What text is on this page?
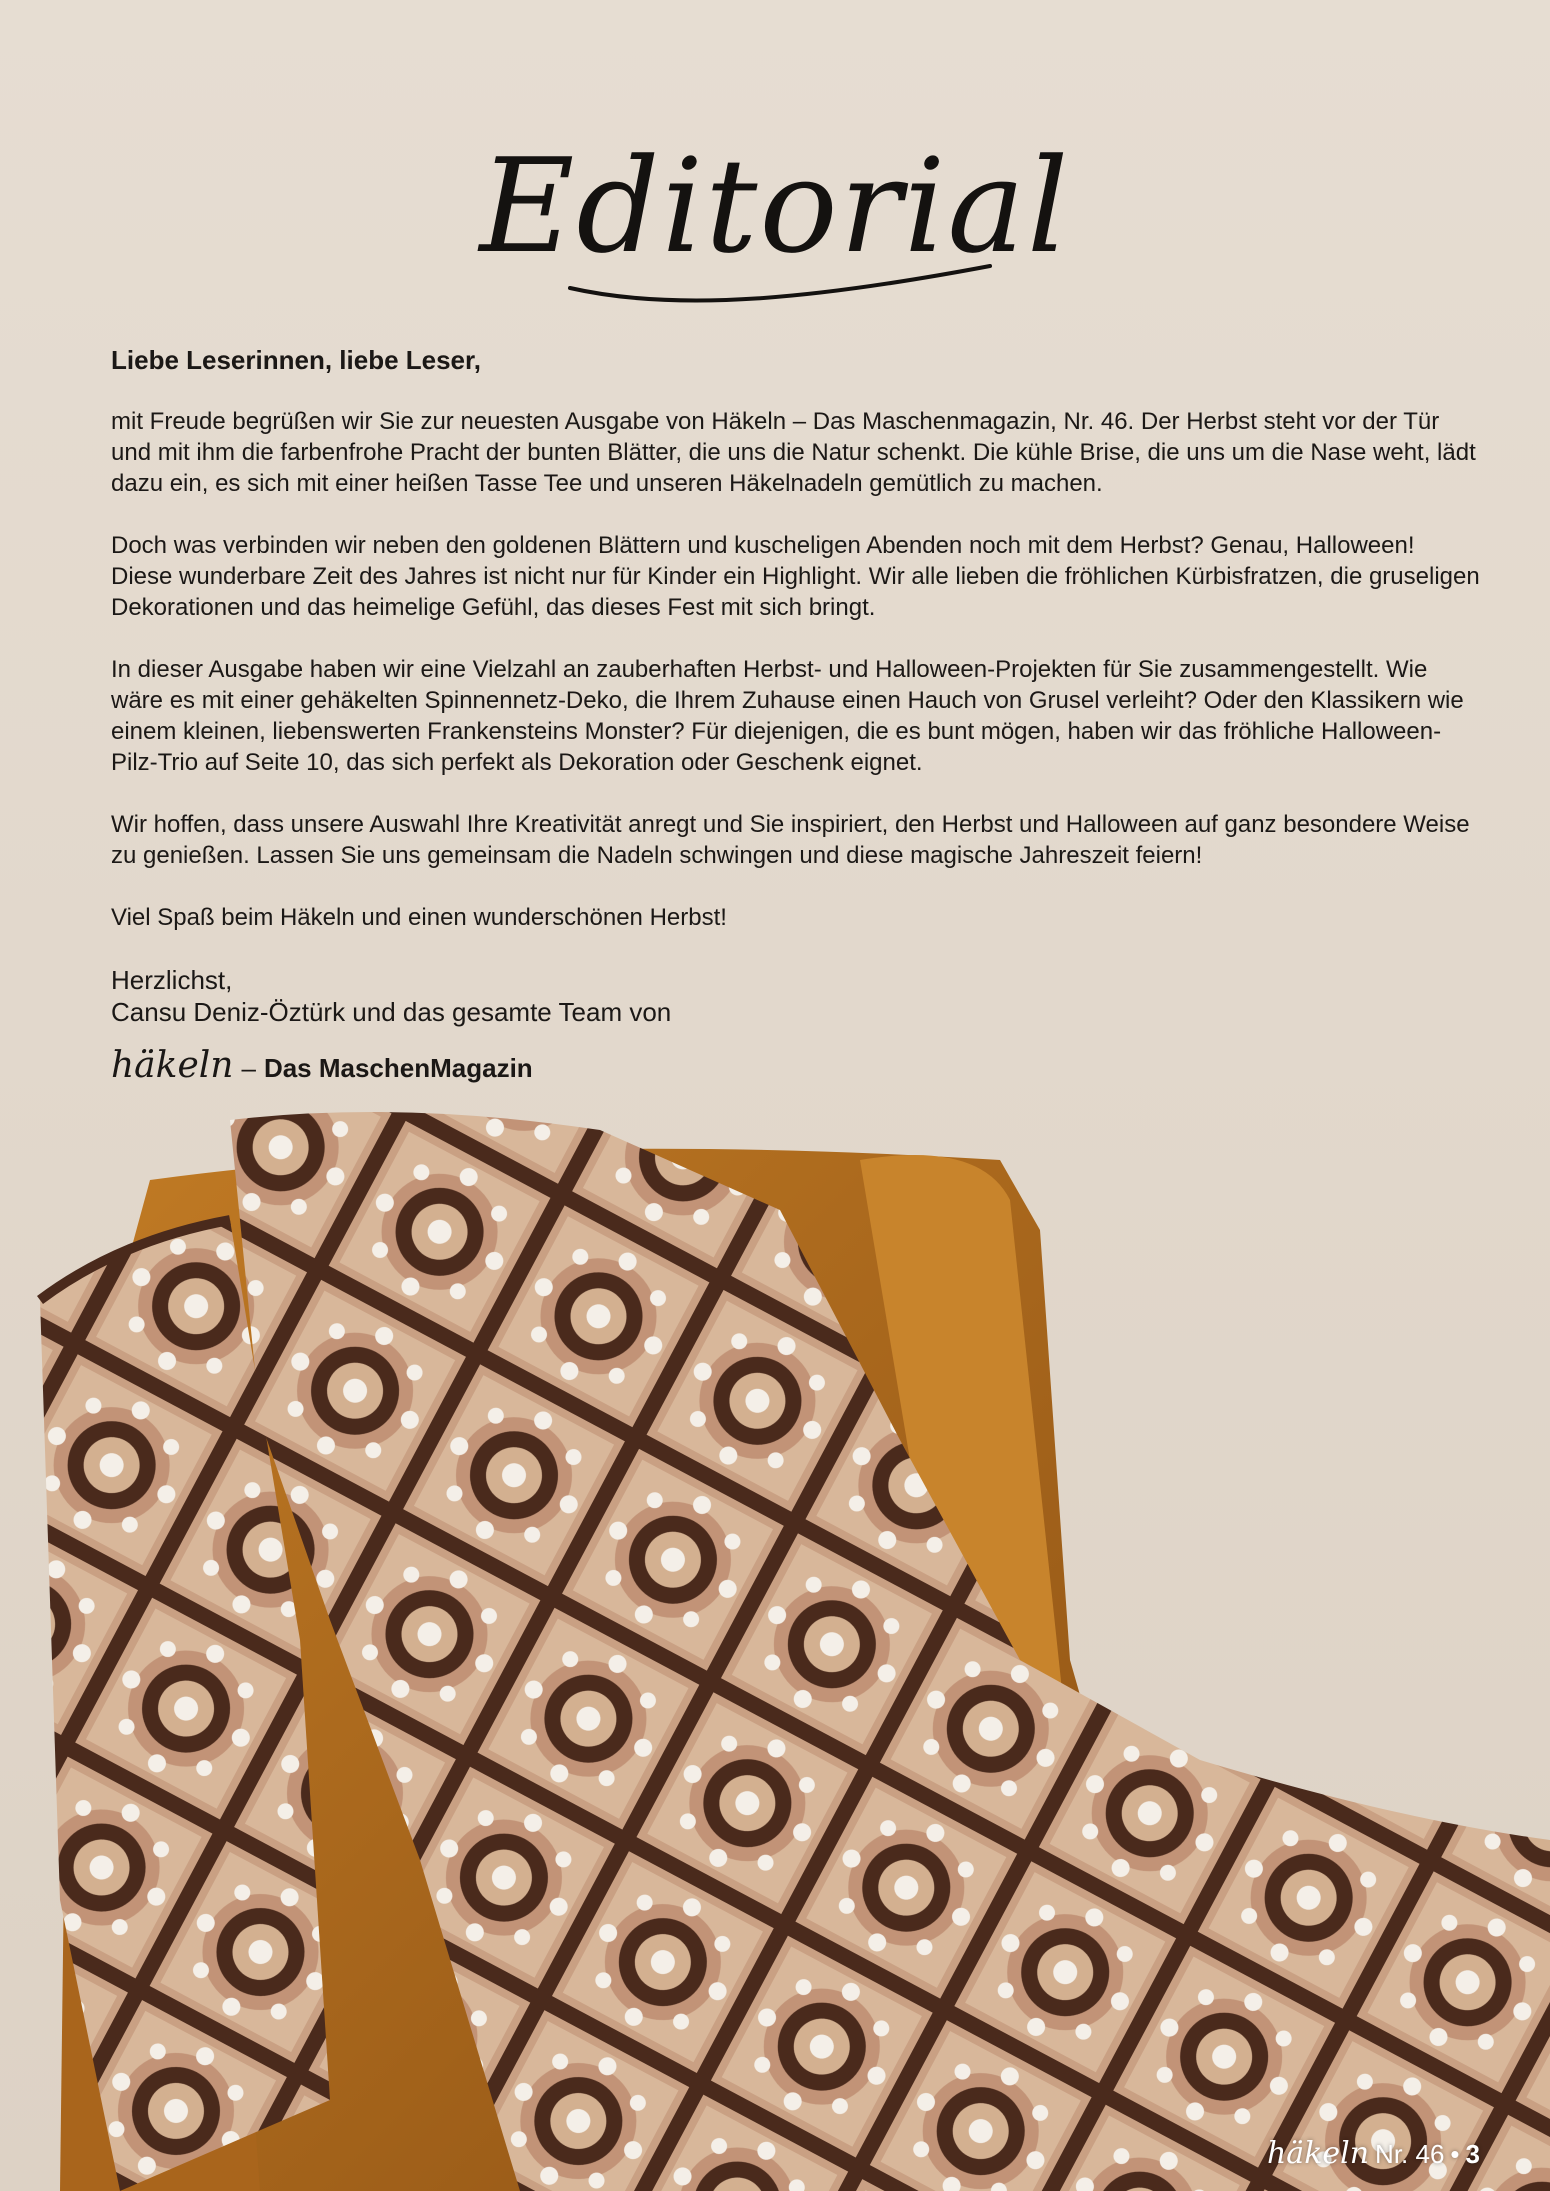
Editorial

Liebe Leserinnen, liebe Leser,

mit Freude begrüßen wir Sie zur neuesten Ausgabe von Häkeln – Das Maschenmagazin, Nr. 46. Der Herbst steht vor der Tür und mit ihm die farbenfrohe Pracht der bunten Blätter, die uns die Natur schenkt. Die kühle Brise, die uns um die Nase weht, lädt dazu ein, es sich mit einer heißen Tasse Tee und unseren Häkelnadeln gemütlich zu machen.

Doch was verbinden wir neben den goldenen Blättern und kuscheligen Abenden noch mit dem Herbst? Genau, Halloween! Diese wunderbare Zeit des Jahres ist nicht nur für Kinder ein Highlight. Wir alle lieben die fröhlichen Kürbisfratzen, die gruseligen Dekorationen und das heimelige Gefühl, das dieses Fest mit sich bringt.

In dieser Ausgabe haben wir eine Vielzahl an zauberhaften Herbst- und Halloween-Projekten für Sie zusammengestellt. Wie wäre es mit einer gehäkelten Spinnennetz-Deko, die Ihrem Zuhause einen Hauch von Grusel verleiht? Oder den Klassikern wie einem kleinen, liebenswerten Frankensteins Monster? Für diejenigen, die es bunt mögen, haben wir das fröhliche Halloween-Pilz-Trio auf Seite 10, das sich perfekt als Dekoration oder Geschenk eignet.

Wir hoffen, dass unsere Auswahl Ihre Kreativität anregt und Sie inspiriert, den Herbst und Halloween auf ganz besondere Weise zu genießen. Lassen Sie uns gemeinsam die Nadeln schwingen und diese magische Jahreszeit feiern!

Viel Spaß beim Häkeln und einen wunderschönen Herbst!

Herzlichst,

Cansu Deniz-Öztürk und das gesamte Team von

häkeln – Das MaschenMagazin
häkeln Nr. 46 • 3
